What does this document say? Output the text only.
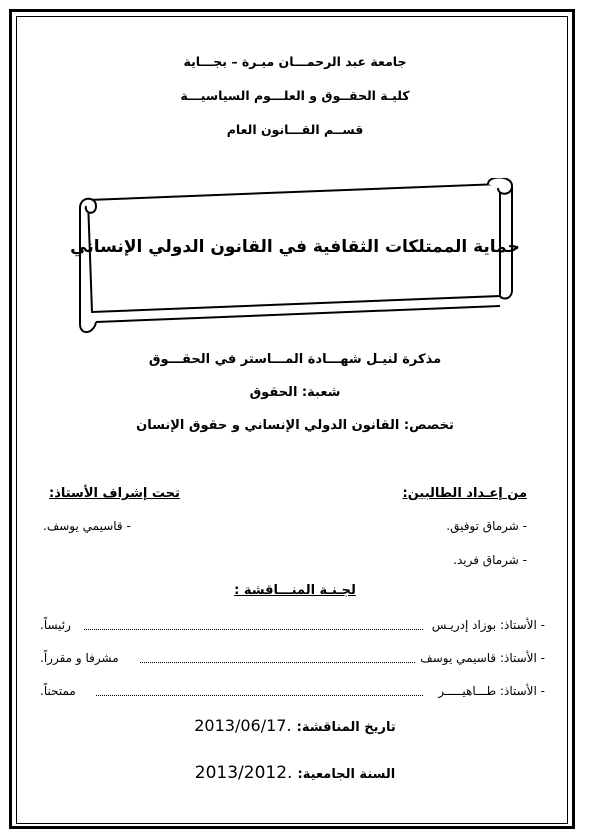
جامعة عبد الرحمـــان ميـرة – بجـــاية
كليـة الحقــوق و العلـــوم السياسيـــة
قســم القـــانون العام
حماية الممتلكات الثقافية في القانون الدولي الإنساني
مذكرة لنيـل شهـــادة المـــاستر في الحقـــوق
شعبة: الحقوق
تخصص: القانون الدولي الإنساني و حقوق الإنسان
من إعـداد الطالبين:
تحت إشراف الأستاذ:
- شرماق توفيق.
- قاسيمي يوسف.
- شرماق فريد.
لجـنـة المنـــاقشة :
- الأستاذ: بوزاد إدريـس
رئيساً.
- الأستاذ: قاسيمي يوسف
مشرفا و مقرراً.
- الأستاذ: طـــاهيـــــر
ممتحناً.
2013/06/17. تاريخ المناقشة:
2013/2012. السنة الجامعية:
